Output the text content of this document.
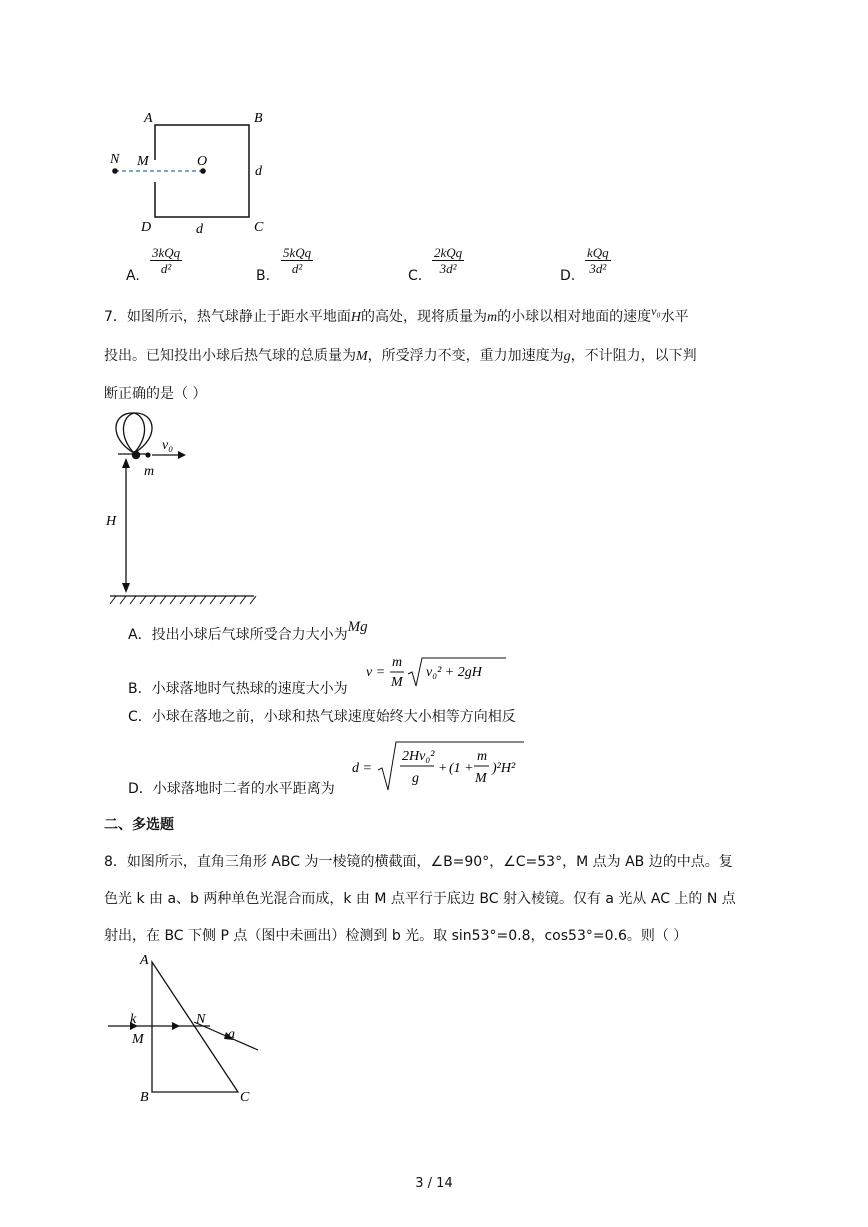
A	B
N M	O
d
D	d	C
A.
3kQq
d²	B.
5kQq
d²	C.
2kQq
3d²	D.
kQq
3d²
7．如图所示，热气球静止于距水平地面H的高处，现将质量为m的小球以相对地面的速度v₀水平
投出。已知投出小球后热气球的总质量为M，所受浮力不变，重力加速度为g，不计阻力，以下判
断正确的是（ ）
v₀
m
H
A．投出小球后气球所受合力大小为Mg
B．小球落地时气热球的速度大小为
v =
m
M
v₀² + 2gH
C．小球在落地之前，小球和热气球速度始终大小相等方向相反
D．小球落地时二者的水平距离为
d =
2Hv₀²
g
+ (1 +
m
M
)²H²
二、多选题
8．如图所示，直角三角形 ABC 为一棱镜的横截面，∠B=90°，∠C=53°，M 点为 AB 边的中点。复
色光 k 由 a、b 两种单色光混合而成，k 由 M 点平行于底边 BC 射入棱镜。仅有 a 光从 AC 上的 N 点
射出，在 BC 下侧 P 点（图中未画出）检测到 b 光。取 sin53°=0.8，cos53°=0.6。则（ ）
A
M
k	N
a
B	C
3 / 14
